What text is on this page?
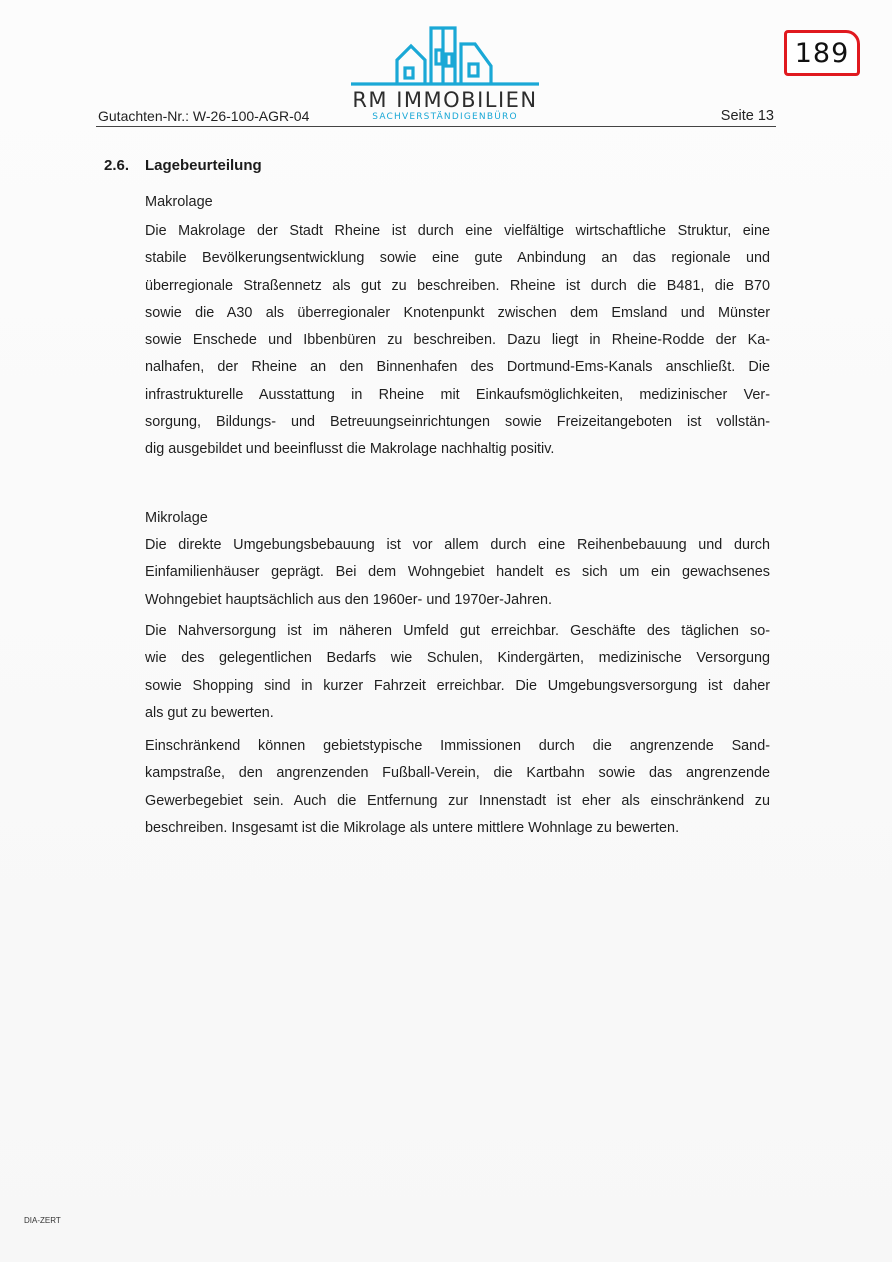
189
RM IMMOBILIEN
SACHVERSTÄNDIGENBÜRO
Gutachten-Nr.: W-26-100-AGR-04	Seite 13
2.6. Lagebeurteilung
Makrolage

Die Makrolage der Stadt Rheine ist durch eine vielfältige wirtschaftliche Struktur, eine
stabile Bevölkerungsentwicklung sowie eine gute Anbindung an das regionale und
überregionale Straßennetz als gut zu beschreiben. Rheine ist durch die B481, die B70
sowie die A30 als überregionaler Knotenpunkt zwischen dem Emsland und Münster
sowie Enschede und Ibbenbüren zu beschreiben. Dazu liegt in Rheine-Rodde der Ka-
nalhafen, der Rheine an den Binnenhafen des Dortmund-Ems-Kanals anschließt. Die
infrastrukturelle Ausstattung in Rheine mit Einkaufsmöglichkeiten, medizinischer Ver-
sorgung, Bildungs- und Betreuungseinrichtungen sowie Freizeitangeboten ist vollstän-
dig ausgebildet und beeinflusst die Makrolage nachhaltig positiv.

Mikrolage

Die direkte Umgebungsbebauung ist vor allem durch eine Reihenbebauung und durch
Einfamilienhäuser geprägt. Bei dem Wohngebiet handelt es sich um ein gewachsenes
Wohngebiet hauptsächlich aus den 1960er- und 1970er-Jahren.

Die Nahversorgung ist im näheren Umfeld gut erreichbar. Geschäfte des täglichen so-
wie des gelegentlichen Bedarfs wie Schulen, Kindergärten, medizinische Versorgung
sowie Shopping sind in kurzer Fahrzeit erreichbar. Die Umgebungsversorgung ist daher
als gut zu bewerten.

Einschränkend können gebietstypische Immissionen durch die angrenzende Sand-
kampstraße, den angrenzenden Fußball-Verein, die Kartbahn sowie das angrenzende
Gewerbegebiet sein. Auch die Entfernung zur Innenstadt ist eher als einschränkend zu
beschreiben. Insgesamt ist die Mikrolage als untere mittlere Wohnlage zu bewerten.

DIA-ZERT
